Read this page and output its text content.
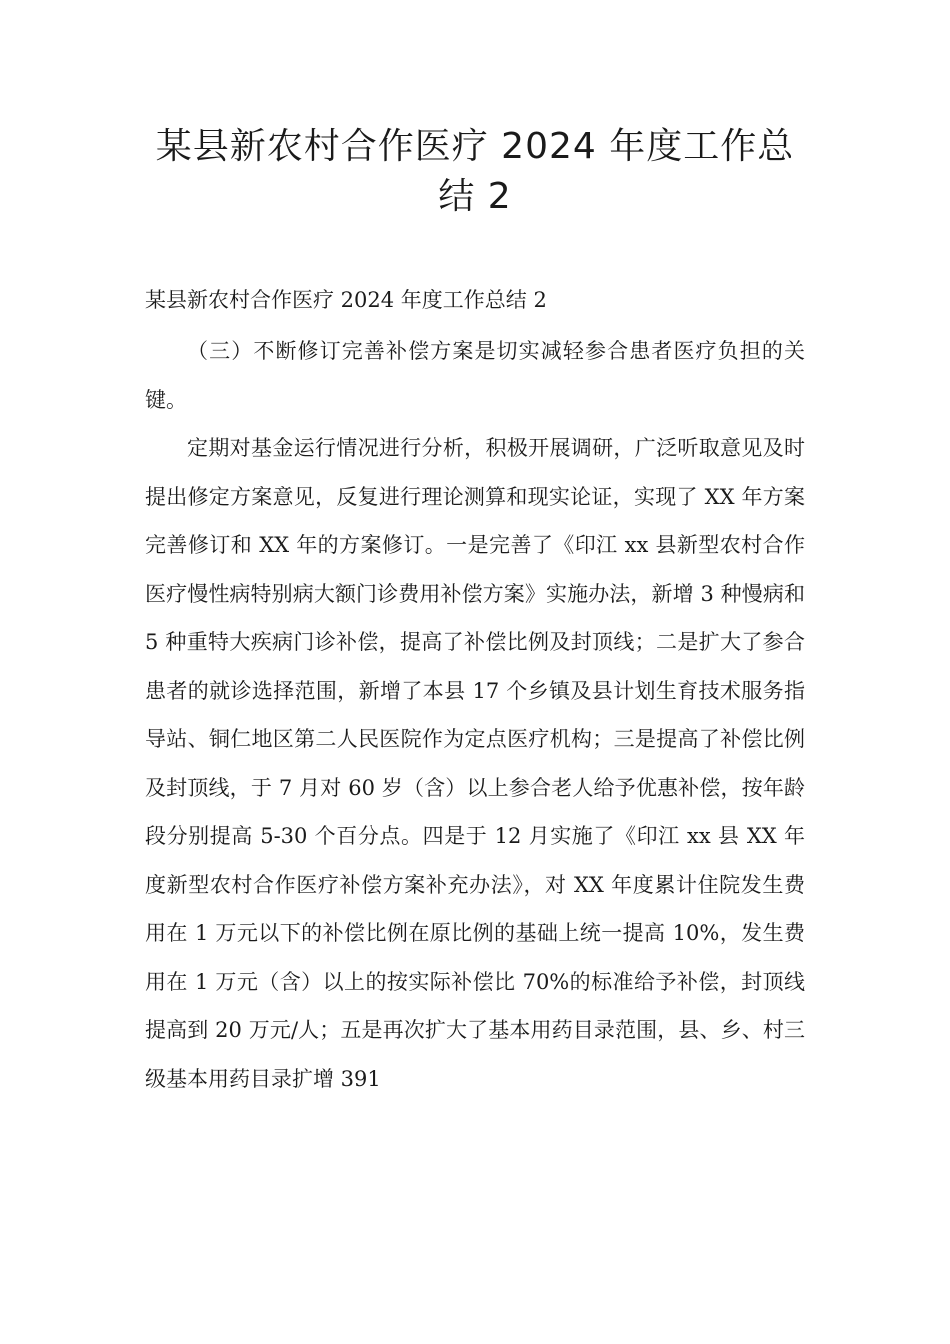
某县新农村合作医疗 2024 年度工作总
结 2
某县新农村合作医疗 2024 年度工作总结 2

（三）不断修订完善补偿方案是切实减轻参合患者医疗负担的关键。

定期对基金运行情况进行分析，积极开展调研，广泛听取意见及时提出修定方案意见，反复进行理论测算和现实论证，实现了 XX 年方案完善修订和 XX 年的方案修订。一是完善了《印江 xx 县新型农村合作医疗慢性病特别病大额门诊费用补偿方案》实施办法，新增 3 种慢病和 5 种重特大疾病门诊补偿，提高了补偿比例及封顶线；二是扩大了参合患者的就诊选择范围，新增了本县 17 个乡镇及县计划生育技术服务指导站、铜仁地区第二人民医院作为定点医疗机构；三是提高了补偿比例及封顶线，于 7 月对 60 岁（含）以上参合老人给予优惠补偿，按年龄段分别提高 5-30 个百分点。四是于 12 月实施了《印江 xx 县 XX 年度新型农村合作医疗补偿方案补充办法》，对 XX 年度累计住院发生费用在 1 万元以下的补偿比例在原比例的基础上统一提高 10%，发生费用在 1 万元（含）以上的按实际补偿比 70%的标准给予补偿，封顶线提高到 20 万元/人；五是再次扩大了基本用药目录范围，县、乡、村三级基本用药目录扩增 391
